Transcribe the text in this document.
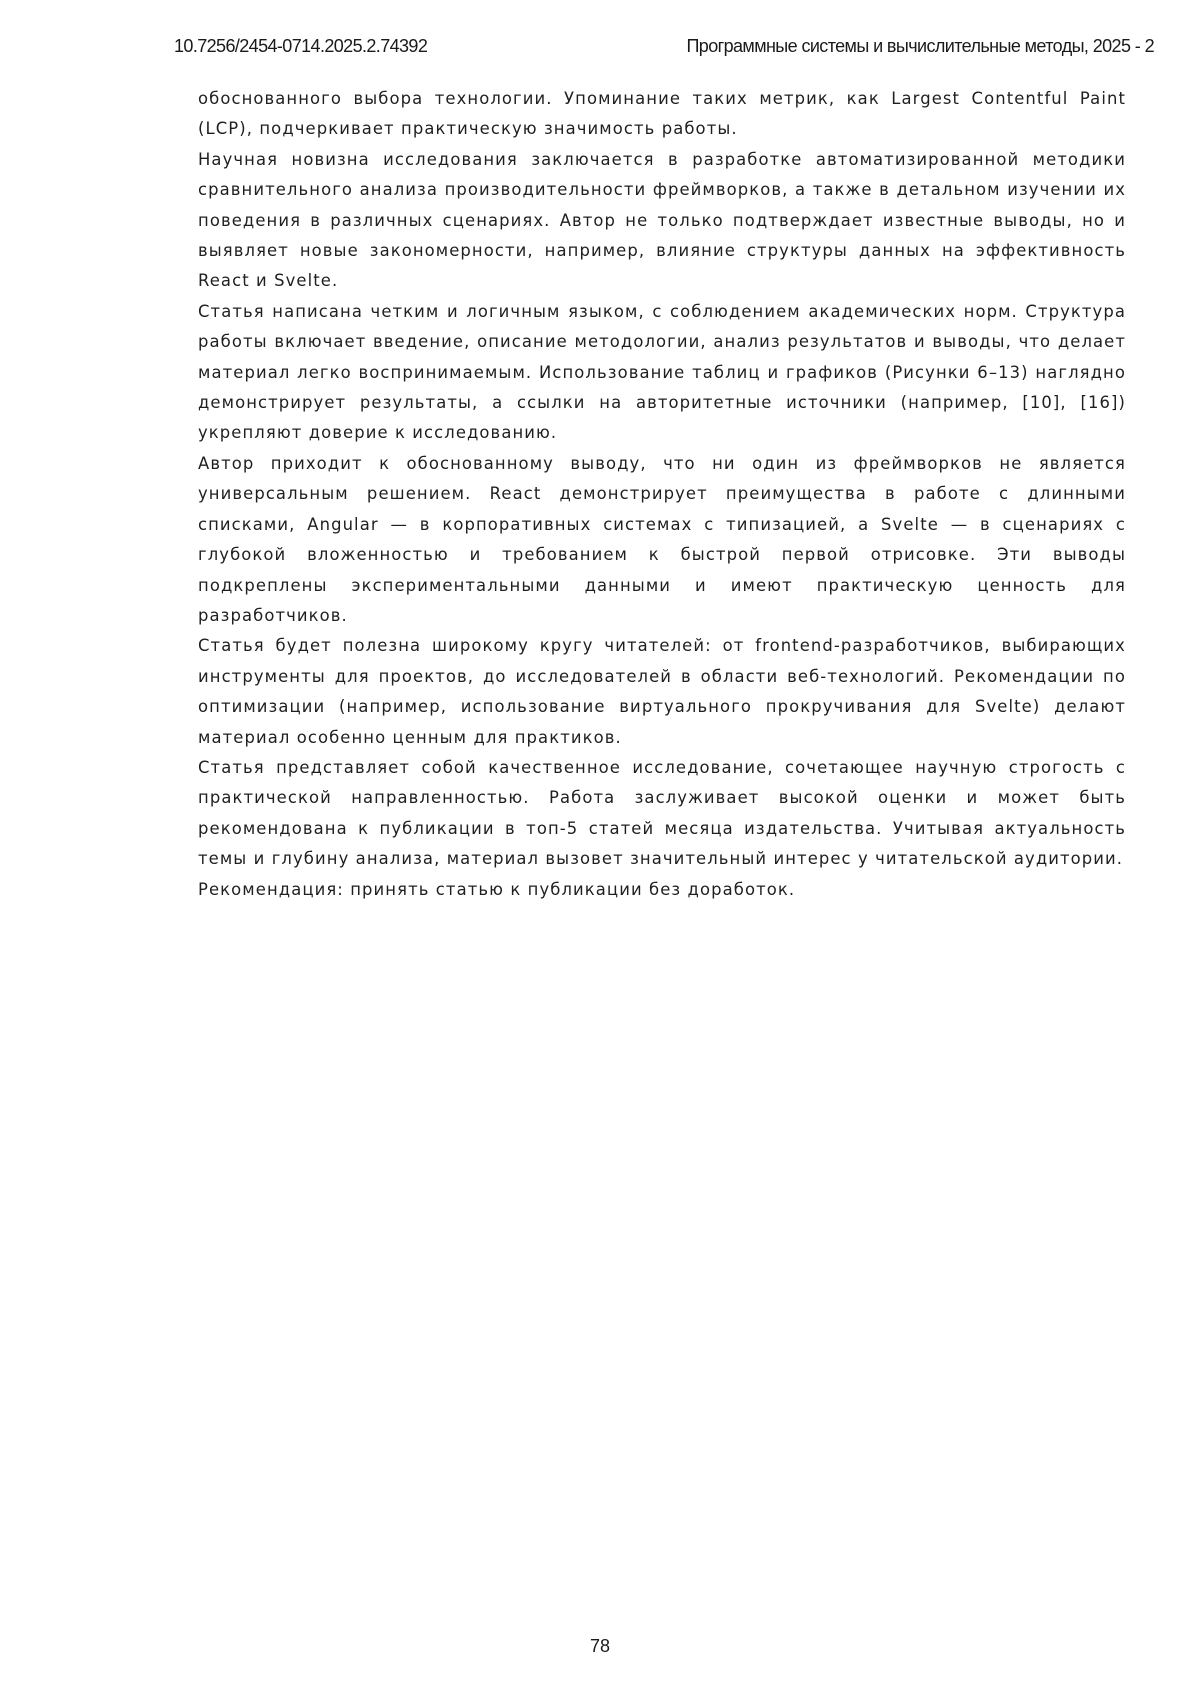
10.7256/2454-0714.2025.2.74392	Программные системы и вычислительные методы, 2025 - 2

обоснованного выбора технологии. Упоминание таких метрик, как Largest Contentful Paint (LCP), подчеркивает практическую значимость работы.

Научная новизна исследования заключается в разработке автоматизированной методики сравнительного анализа производительности фреймворков, а также в детальном изучении их поведения в различных сценариях. Автор не только подтверждает известные выводы, но и выявляет новые закономерности, например, влияние структуры данных на эффективность React и Svelte.

Статья написана четким и логичным языком, с соблюдением академических норм. Структура работы включает введение, описание методологии, анализ результатов и выводы, что делает материал легко воспринимаемым. Использование таблиц и графиков (Рисунки 6–13) наглядно демонстрирует результаты, а ссылки на авторитетные источники (например, [10], [16]) укрепляют доверие к исследованию.

Автор приходит к обоснованному выводу, что ни один из фреймворков не является универсальным решением. React демонстрирует преимущества в работе с длинными списками, Angular — в корпоративных системах с типизацией, а Svelte — в сценариях с глубокой вложенностью и требованием к быстрой первой отрисовке. Эти выводы подкреплены экспериментальными данными и имеют практическую ценность для разработчиков.

Статья будет полезна широкому кругу читателей: от frontend-разработчиков, выбирающих инструменты для проектов, до исследователей в области веб-технологий. Рекомендации по оптимизации (например, использование виртуального прокручивания для Svelte) делают материал особенно ценным для практиков.

Статья представляет собой качественное исследование, сочетающее научную строгость с практической направленностью. Работа заслуживает высокой оценки и может быть рекомендована к публикации в топ-5 статей месяца издательства. Учитывая актуальность темы и глубину анализа, материал вызовет значительный интерес у читательской аудитории.

Рекомендация: принять статью к публикации без доработок.

78
